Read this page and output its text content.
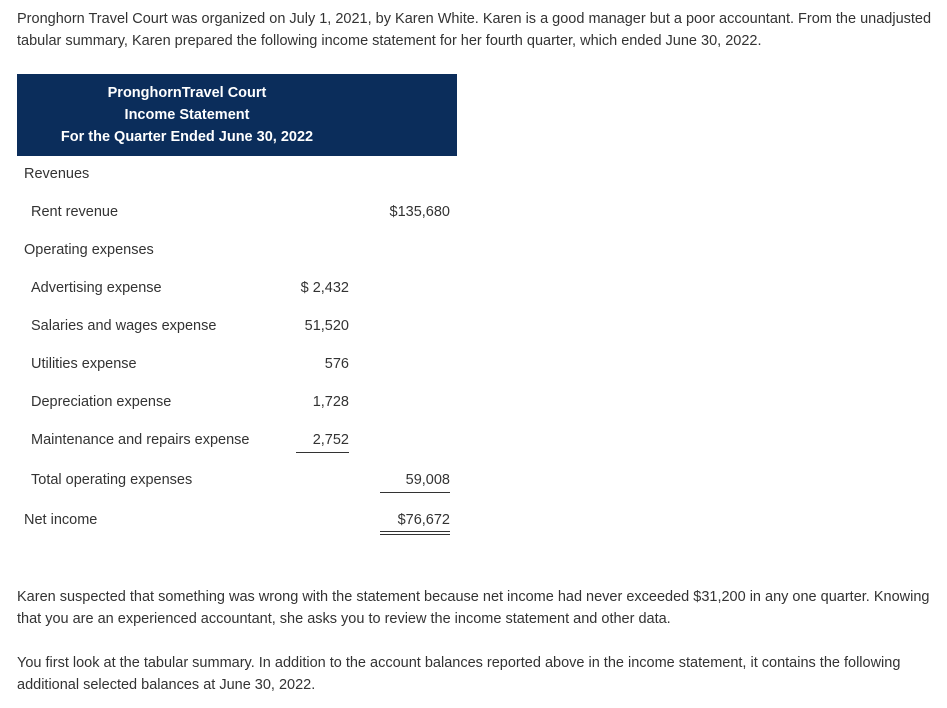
Pronghorn Travel Court was organized on July 1, 2021, by Karen White. Karen is a good manager but a poor accountant. From the unadjusted tabular summary, Karen prepared the following income statement for her fourth quarter, which ended June 30, 2022.

PronghornTravel Court
Income Statement
For the Quarter Ended June 30, 2022
Revenues
Rent revenue	$135,680
Operating expenses
Advertising expense	$ 2,432
Salaries and wages expense	51,520
Utilities expense	576
Depreciation expense	1,728
Maintenance and repairs expense	2,752
Total operating expenses	59,008
Net income	$76,672

Karen suspected that something was wrong with the statement because net income had never exceeded $31,200 in any one quarter. Knowing that you are an experienced accountant, she asks you to review the income statement and other data.

You first look at the tabular summary. In addition to the account balances reported above in the income statement, it contains the following additional selected balances at June 30, 2022.
